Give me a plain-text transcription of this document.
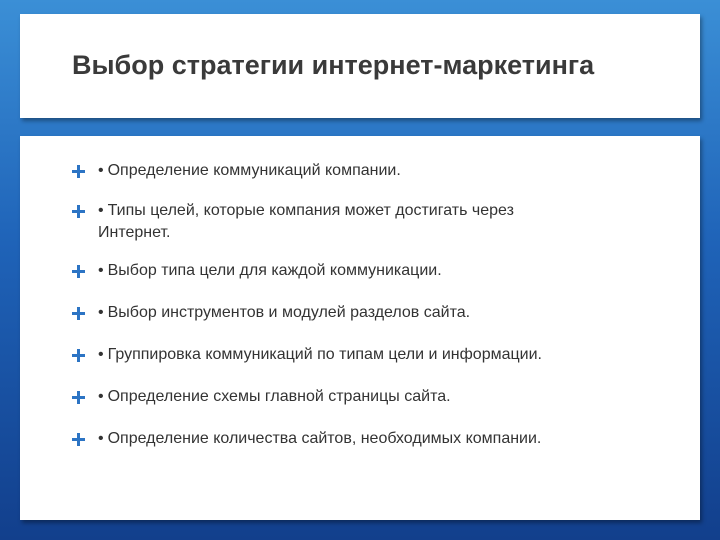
Выбор стратегии интернет-маркетинга
• Определение коммуникаций компании.
• Типы целей, которые компания может достигать через Интернет.
• Выбор типа цели для каждой коммуникации.
• Выбор инструментов и модулей разделов сайта.
• Группировка коммуникаций по типам цели и информации.
• Определение схемы главной страницы сайта.
• Определение количества сайтов, необходимых компании.
